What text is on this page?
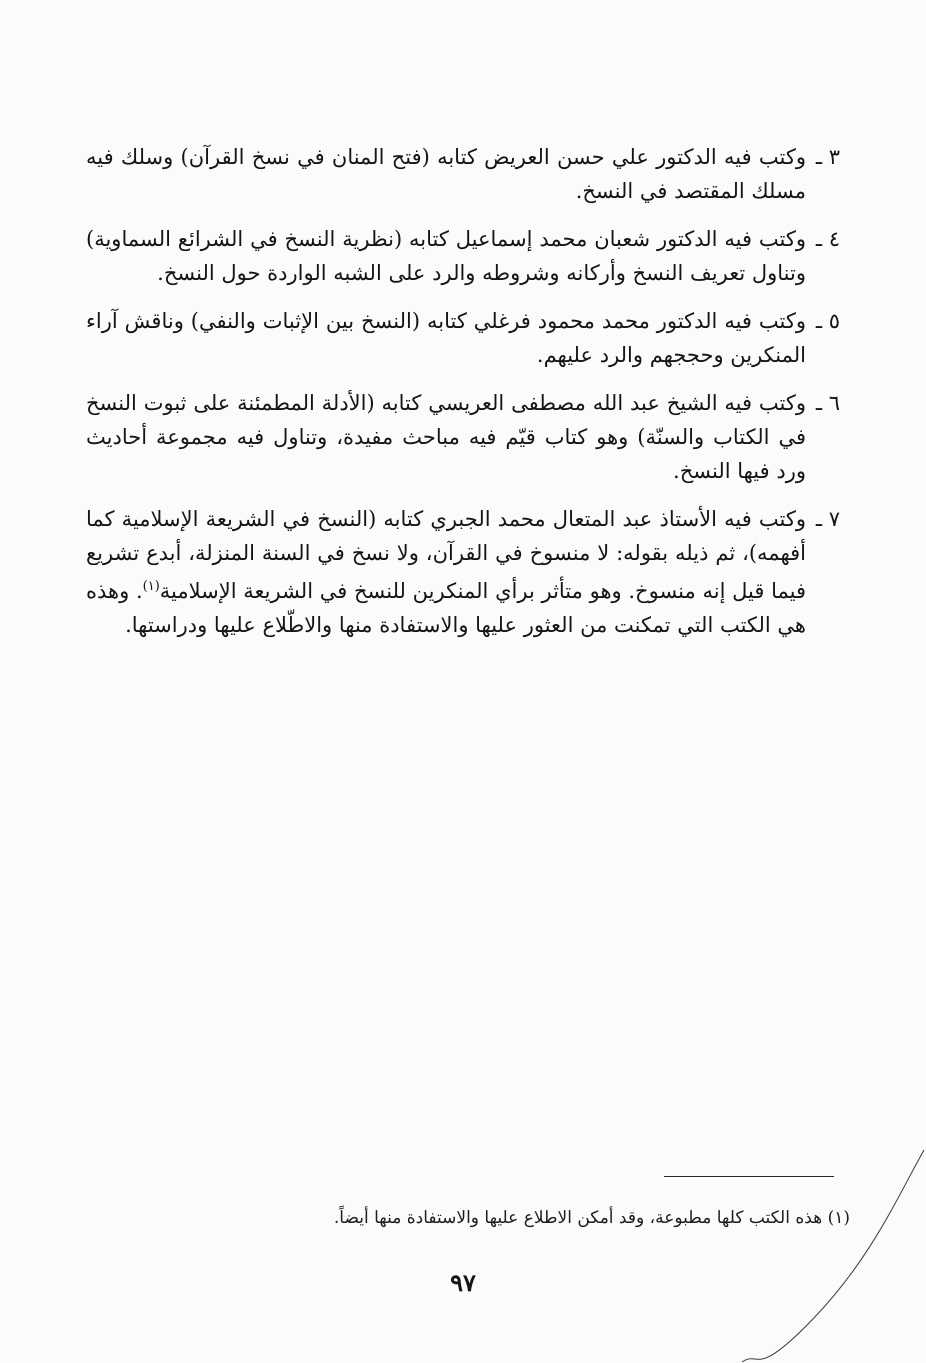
٣ ـ
وكتب فيه الدكتور علي حسن العريض كتابه (فتح المنان في نسخ القرآن) وسلك فيه مسلك المقتصد في النسخ.
٤ ـ
وكتب فيه الدكتور شعبان محمد إسماعيل كتابه (نظرية النسخ في الشرائع السماوية) وتناول تعريف النسخ وأركانه وشروطه والرد على الشبه الواردة حول النسخ.
٥ ـ
وكتب فيه الدكتور محمد محمود فرغلي كتابه (النسخ بين الإثبات والنفي) وناقش آراء المنكرين وحججهم والرد عليهم.
٦ ـ
وكتب فيه الشيخ عبد الله مصطفى العريسي كتابه (الأدلة المطمئنة على ثبوت النسخ في الكتاب والسنّة) وهو كتاب قيّم فيه مباحث مفيدة، وتناول فيه مجموعة أحاديث ورد فيها النسخ.
٧ ـ
وكتب فيه الأستاذ عبد المتعال محمد الجبري كتابه (النسخ في الشريعة الإسلامية كما أفهمه)، ثم ذيله بقوله: لا منسوخ في القرآن، ولا نسخ في السنة المنزلة، أبدع تشريع فيما قيل إنه منسوخ. وهو متأثر برأي المنكرين للنسخ في الشريعة الإسلامية$^{(١)}$. وهذه هي الكتب التي تمكنت من العثور عليها والاستفادة منها والاطّلاع عليها ودراستها.
(١) هذه الكتب كلها مطبوعة، وقد أمكن الاطلاع عليها والاستفادة منها أيضاً.
٩٧
